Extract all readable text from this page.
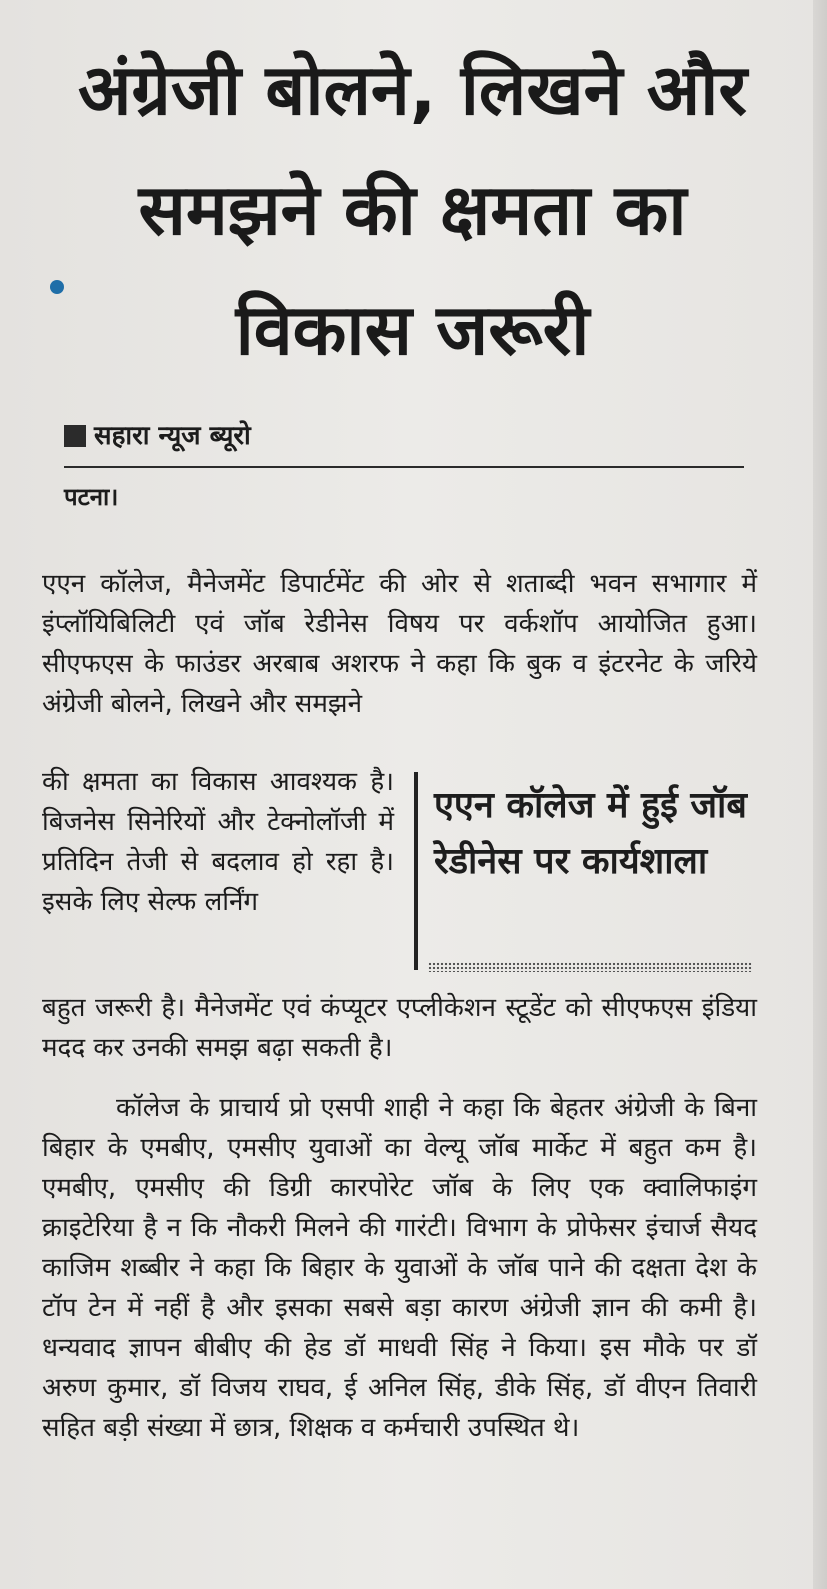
अंग्रेजी बोलने, लिखने और समझने की क्षमता का विकास जरूरी
सहारा न्यूज ब्यूरो
पटना।

एएन कॉलेज, मैनेजमेंट डिपार्टमेंट की ओर से शताब्दी भवन सभागार में इंप्लॉयिबिलिटी एवं जॉब रेडीनेस विषय पर वर्कशॉप आयोजित हुआ। सीएफएस के फाउंडर अरबाब अशरफ ने कहा कि बुक व इंटरनेट के जरिये अंग्रेजी बोलने, लिखने और समझने

की क्षमता का विकास आवश्यक है। बिजनेस सिनेरियों और टेक्नोलॉजी में प्रतिदिन तेजी से बदलाव हो रहा है। इसके लिए सेल्फ लर्निंग

एएन कॉलेज में हुई जॉब रेडीनेस पर कार्यशाला

बहुत जरूरी है। मैनेजमेंट एवं कंप्यूटर एप्लीकेशन स्टूडेंट को सीएफएस इंडिया मदद कर उनकी समझ बढ़ा सकती है।

कॉलेज के प्राचार्य प्रो एसपी शाही ने कहा कि बेहतर अंग्रेजी के बिना बिहार के एमबीए, एमसीए युवाओं का वेल्यू जॉब मार्केट में बहुत कम है। एमबीए, एमसीए की डिग्री कारपोरेट जॉब के लिए एक क्वालिफाइंग क्राइटेरिया है न कि नौकरी मिलने की गारंटी। विभाग के प्रोफेसर इंचार्ज सैयद काजिम शब्बीर ने कहा कि बिहार के युवाओं के जॉब पाने की दक्षता देश के टॉप टेन में नहीं है और इसका सबसे बड़ा कारण अंग्रेजी ज्ञान की कमी है। धन्यवाद ज्ञापन बीबीए की हेड डॉ माधवी सिंह ने किया। इस मौके पर डॉ अरुण कुमार, डॉ विजय राघव, ई अनिल सिंह, डीके सिंह, डॉ वीएन तिवारी सहित बड़ी संख्या में छात्र, शिक्षक व कर्मचारी उपस्थित थे।
